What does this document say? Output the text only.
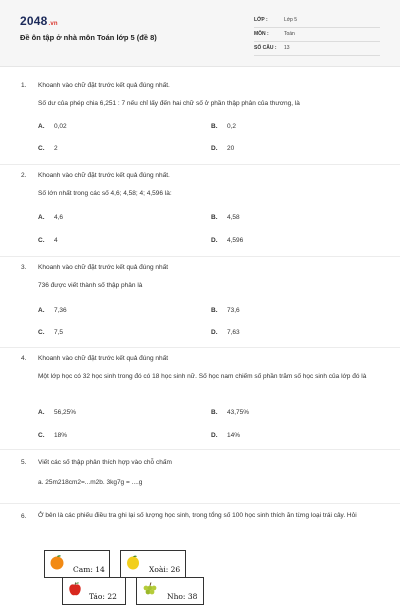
2048.vn
Đề ôn tập ở nhà môn Toán lớp 5 (đề 8)
LỚP :	Lớp 5
MÔN :	Toán
SỐ CÂU : 13
1. Khoanh vào chữ đặt trước kết quả đúng nhất.
Số dư của phép chia 6,251 : 7 nếu chỉ lấy đến hai chữ số ở phần thập phân của thương, là
A. 0,02	B. 0,2
C. 2	D. 20
2. Khoanh vào chữ đặt trước kết quả đúng nhất.
Số lớn nhất trong các số 4,6; 4,58; 4; 4,596 là:
A. 4,6	B. 4,58
C. 4	D. 4,596
3. Khoanh vào chữ đặt trước kết quả đúng nhất
736 được viết thành số thập phân là
A. 7,36	B. 73,6
C. 7,5	D. 7,63
4. Khoanh vào chữ đặt trước kết quả đúng nhất
Một lớp học có 32 học sinh trong đó có 18 học sinh nữ. Số học nam chiếm số phần trăm số học sinh của lớp đó là
A. 56,25%	B. 43,75%
C. 18%	D. 14%
5. Viết các số thập phân thích hợp vào chỗ chấm
a. 25m218cm2=...m2b. 3kg7g = ....g
6. Ở bên là các phiếu điều tra ghi lại số lượng học sinh, trong tổng số 100 học sinh thích ăn từng loại trái cây. Hỏi
Cam: 14	Xoài: 26
Táo: 22	Nho: 38
